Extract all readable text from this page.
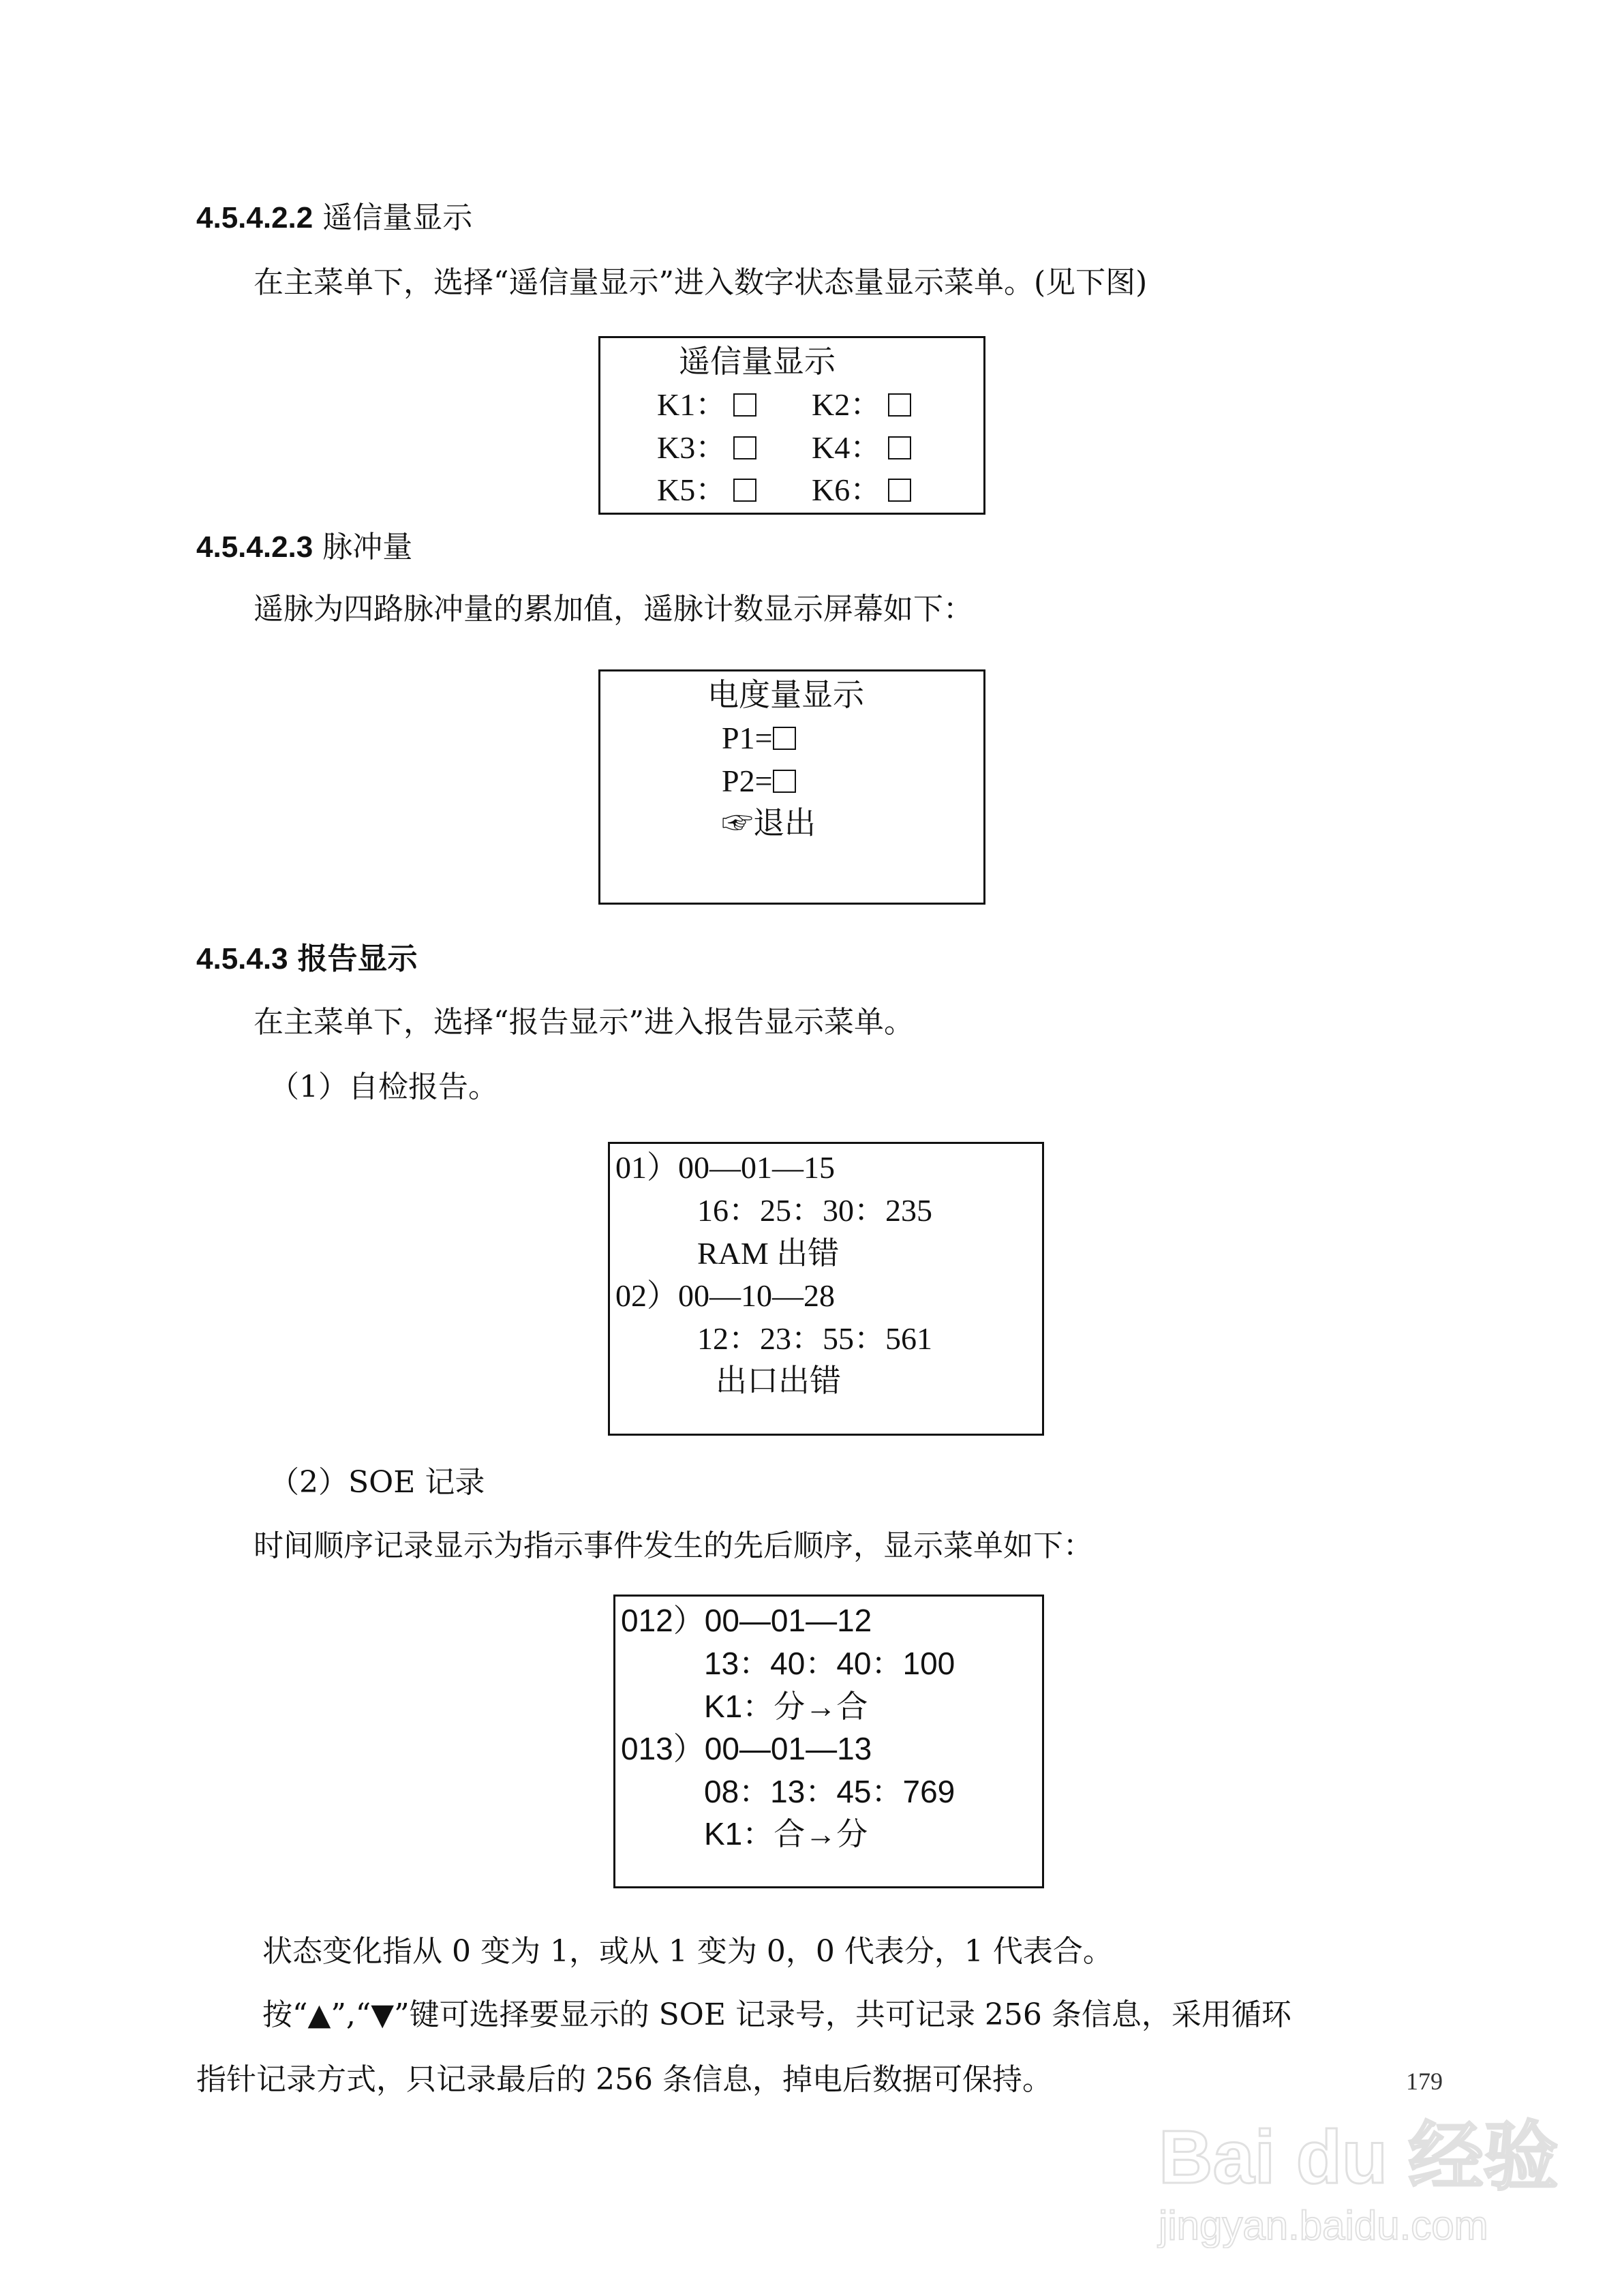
4.5.4.2.2 遥信量显示
在主菜单下，选择“遥信量显示”进入数字状态量显示菜单。(见下图)
遥信量显示
K1：	K2：
K3：	K4：
K5：	K6：
4.5.4.2.3 脉冲量
遥脉为四路脉冲量的累加值，遥脉计数显示屏幕如下：
电度量显示
P1=
P2=
☞退出
4.5.4.3 报告显示
在主菜单下，选择“报告显示”进入报告显示菜单。
（1）自检报告。
01）00—01—15
16：25：30：235
RAM 出错
02）00—10—28
12：23：55：561
出口出错
（2）SOE 记录
时间顺序记录显示为指示事件发生的先后顺序，显示菜单如下：
012）00—01—12
13：40：40：100
K1：分→合
013）00—01—13
08：13：45：769
K1：合→分
状态变化指从 0 变为 1，或从 1 变为 0，0 代表分，1 代表合。
按“▲”,“▼”键可选择要显示的 SOE 记录号，共可记录 256 条信息，采用循环
指针记录方式，只记录最后的 256 条信息，掉电后数据可保持。
Bai du 经验
jingyan.baidu.com
179
